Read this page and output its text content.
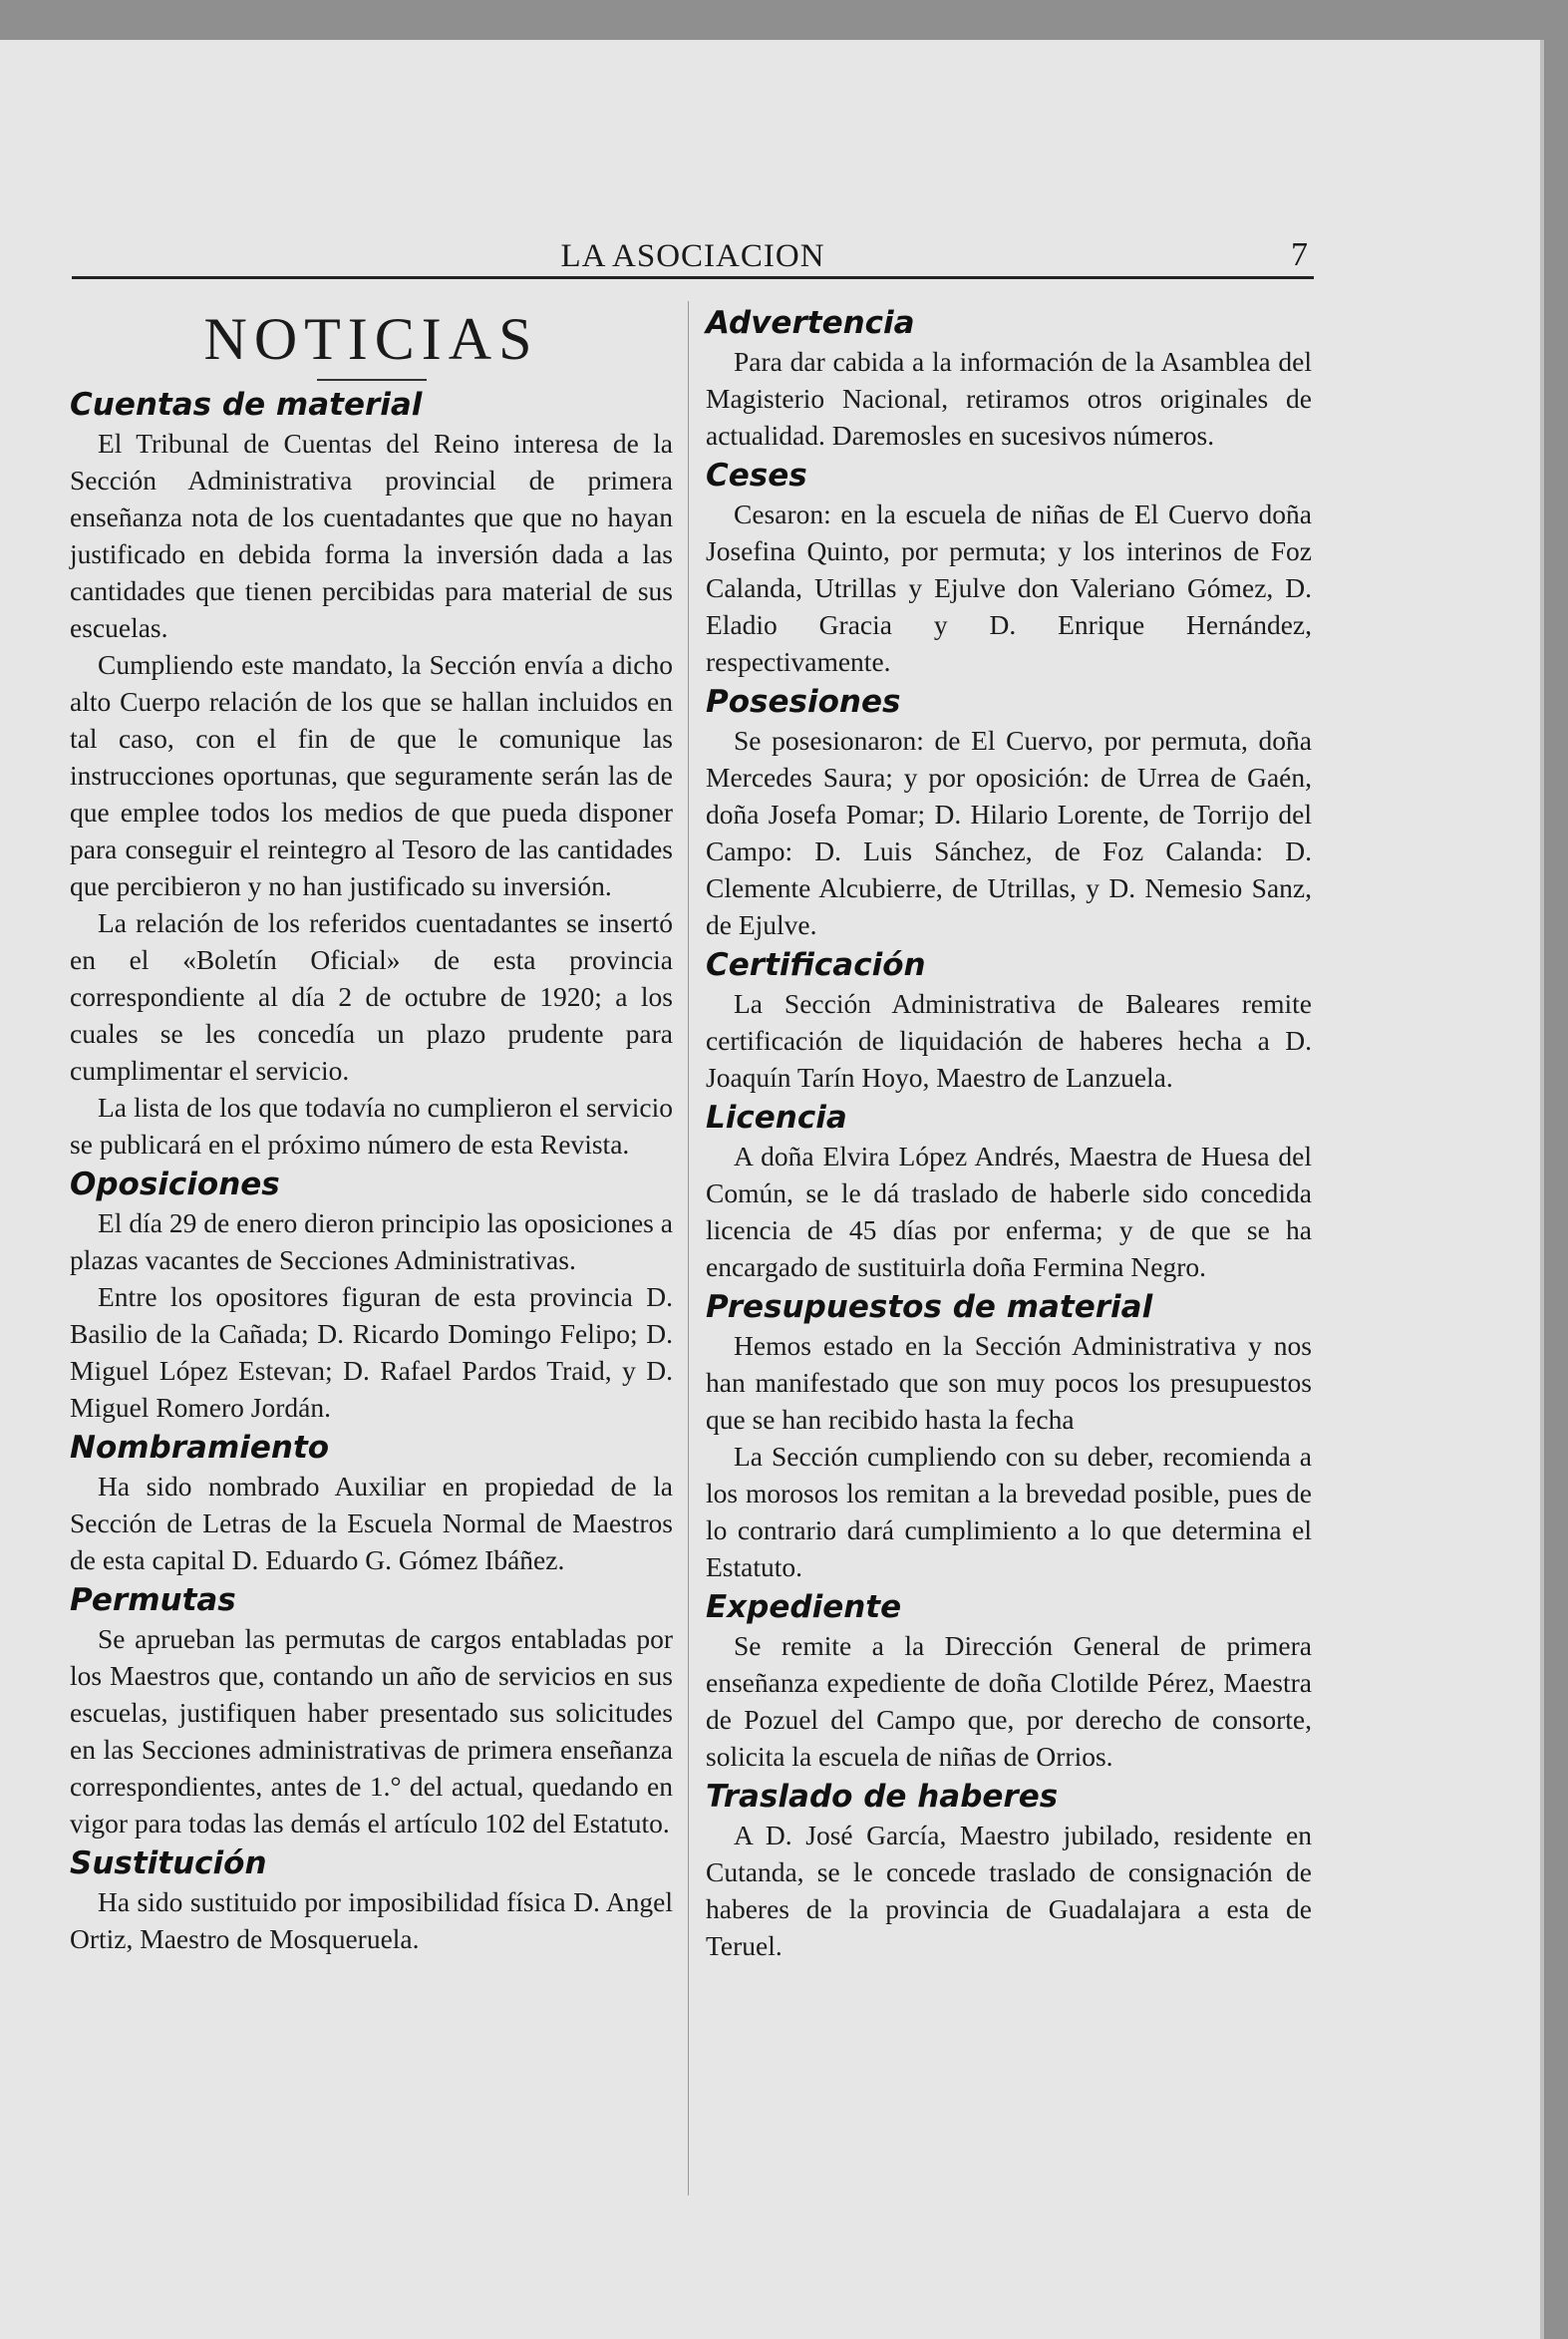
LA ASOCIACION	7
NOTICIAS
Cuentas de material

El Tribunal de Cuentas del Reino interesa de la Sección Administrativa provincial de primera enseñanza nota de los cuentadantes que que no hayan justificado en debida forma la inversión dada a las cantidades que tienen percibidas para material de sus escuelas.

Cumpliendo este mandato, la Sección envía a dicho alto Cuerpo relación de los que se hallan incluidos en tal caso, con el fin de que le comunique las instrucciones oportunas, que seguramente serán las de que emplee todos los medios de que pueda disponer para conseguir el reintegro al Tesoro de las cantidades que percibieron y no han justificado su inversión.

La relación de los referidos cuentadantes se insertó en el «Boletín Oficial» de esta provincia correspondiente al día 2 de octubre de 1920; a los cuales se les concedía un plazo prudente para cumplimentar el servicio.

La lista de los que todavía no cumplieron el servicio se publicará en el próximo número de esta Revista.

Oposiciones

El día 29 de enero dieron principio las oposiciones a plazas vacantes de Secciones Administrativas.

Entre los opositores figuran de esta provincia D. Basilio de la Cañada; D. Ricardo Domingo Felipo; D. Miguel López Estevan; D. Rafael Pardos Traid, y D. Miguel Romero Jordán.

Nombramiento

Ha sido nombrado Auxiliar en propiedad de la Sección de Letras de la Escuela Normal de Maestros de esta capital D. Eduardo G. Gómez Ibáñez.

Permutas

Se aprueban las permutas de cargos entabladas por los Maestros que, contando un año de servicios en sus escuelas, justifiquen haber presentado sus solicitudes en las Secciones administrativas de primera enseñanza correspondientes, antes de 1.° del actual, quedando en vigor para todas las demás el artículo 102 del Estatuto.

Sustitución

Ha sido sustituido por imposibilidad física D. Angel Ortiz, Maestro de Mosqueruela.

Advertencia

Para dar cabida a la información de la Asamblea del Magisterio Nacional, retiramos otros originales de actualidad. Daremosles en sucesivos números.

Ceses

Cesaron: en la escuela de niñas de El Cuervo doña Josefina Quinto, por permuta; y los interinos de Foz Calanda, Utrillas y Ejulve don Valeriano Gómez, D. Eladio Gracia y D. Enrique Hernández, respectivamente.

Posesiones

Se posesionaron: de El Cuervo, por permuta, doña Mercedes Saura; y por oposición: de Urrea de Gaén, doña Josefa Pomar; D. Hilario Lorente, de Torrijo del Campo: D. Luis Sánchez, de Foz Calanda: D. Clemente Alcubierre, de Utrillas, y D. Nemesio Sanz, de Ejulve.

Certificación

La Sección Administrativa de Baleares remite certificación de liquidación de haberes hecha a D. Joaquín Tarín Hoyo, Maestro de Lanzuela.

Licencia

A doña Elvira López Andrés, Maestra de Huesa del Común, se le dá traslado de haberle sido concedida licencia de 45 días por enferma; y de que se ha encargado de sustituirla doña Fermina Negro.

Presupuestos de material

Hemos estado en la Sección Administrativa y nos han manifestado que son muy pocos los presupuestos que se han recibido hasta la fecha

La Sección cumpliendo con su deber, recomienda a los morosos los remitan a la brevedad posible, pues de lo contrario dará cumplimiento a lo que determina el Estatuto.

Expediente

Se remite a la Dirección General de primera enseñanza expediente de doña Clotilde Pérez, Maestra de Pozuel del Campo que, por derecho de consorte, solicita la escuela de niñas de Orrios.

Traslado de haberes

A D. José García, Maestro jubilado, residente en Cutanda, se le concede traslado de consignación de haberes de la provincia de Guadalajara a esta de Teruel.
